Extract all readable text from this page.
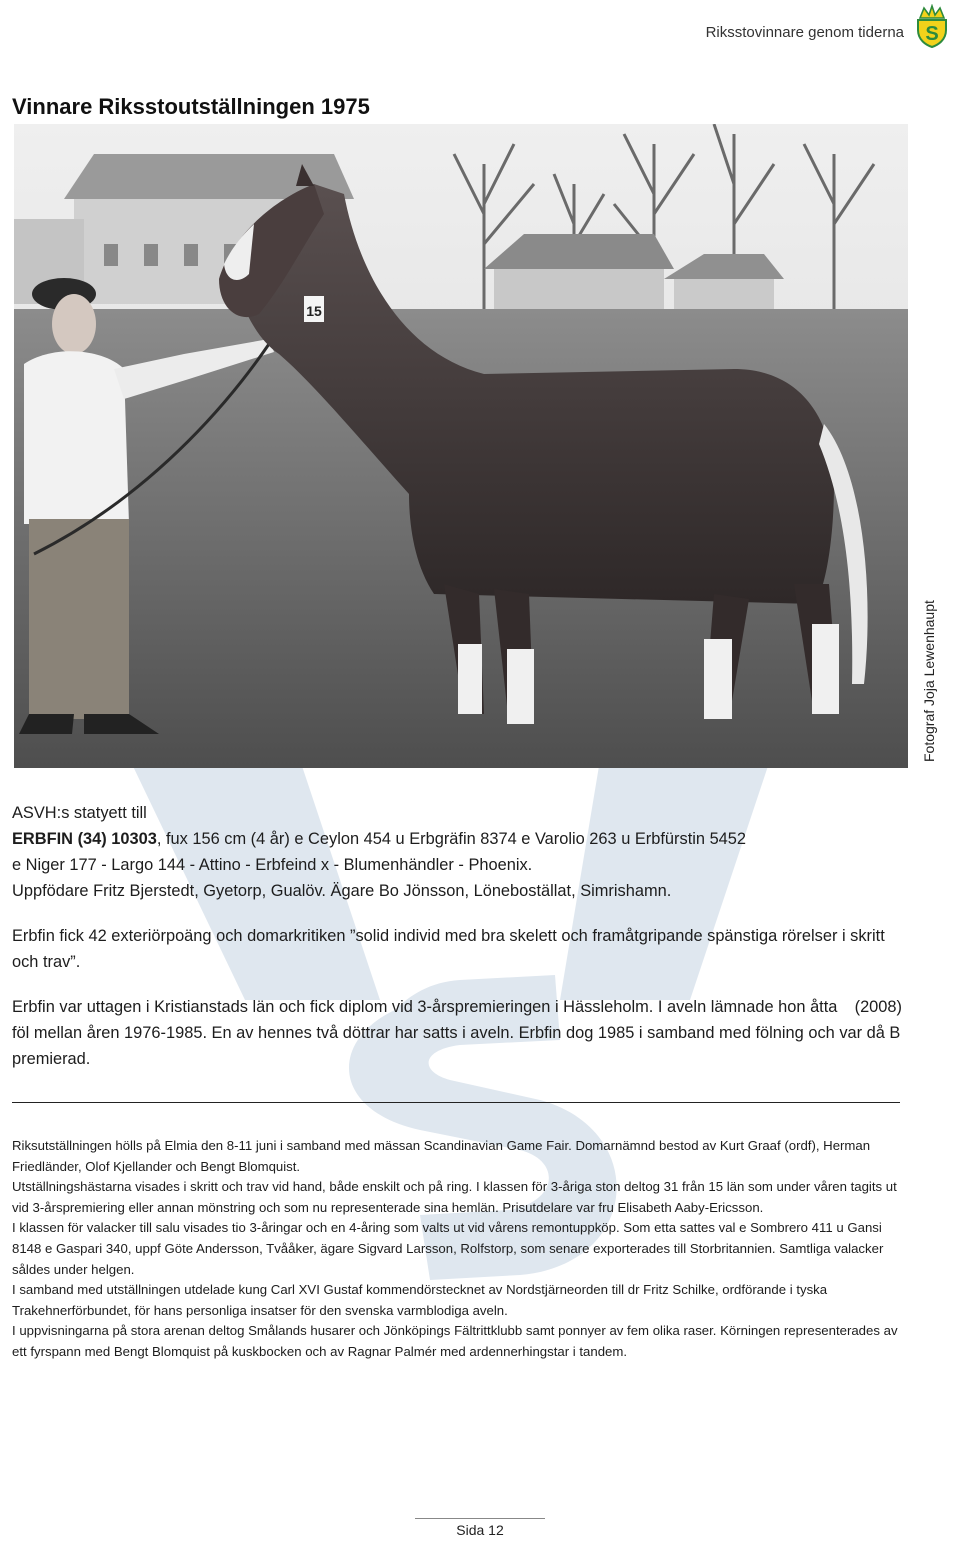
Riksstovinnare genom tiderna S
Vinnare Riksstoutställningen 1975
15
Fotograf Joja Lewenhaupt

ASVH:s statyett till

ERBFIN (34) 10303, fux 156 cm (4 år) e Ceylon 454 u Erbgräfin 8374 e Varolio 263 u Erbfürstin 5452
e Niger 177 - Largo 144 - Attino - Erbfeind x - Blumenhändler - Phoenix.

Uppfödare Fritz Bjerstedt, Gyetorp, Gualöv. Ägare Bo Jönsson, Löneboställat, Simrishamn.

Erbfin fick 42 exteriörpoäng och domarkritiken ”solid individ med bra skelett och framåtgripande spänstiga rörelser i skritt och trav”.

(2008)
Erbfin var uttagen i Kristianstads län och fick diplom vid 3-årspremieringen i Hässleholm. I aveln lämnade hon åtta föl mellan åren 1976-1985. En av hennes två döttrar har satts i aveln. Erbfin dog 1985 i samband med fölning och var då B premierad.

Riksutställningen hölls på Elmia den 8-11 juni i samband med mässan Scandinavian Game Fair. Domarnämnd bestod av Kurt Graaf (ordf), Herman Friedländer, Olof Kjellander och Bengt Blomquist.

Utställningshästarna visades i skritt och trav vid hand, både enskilt och på ring. I klassen för 3-åriga ston deltog 31 från 15 län som under våren tagits ut vid 3-årspremiering eller annan mönstring och som nu representerade sina hemlän. Prisutdelare var fru Elisabeth Aaby-Ericsson.

I klassen för valacker till salu visades tio 3-åringar och en 4-åring som valts ut vid vårens remontuppköp. Som etta sattes val e Sombrero 411 u Gansi 8148 e Gaspari 340, uppf Göte Andersson, Tvååker, ägare Sigvard Larsson, Rolfstorp, som senare exporterades till Storbritannien. Samtliga valacker såldes under helgen.

I samband med utställningen utdelade kung Carl XVI Gustaf kommendörstecknet av Nordstjärneorden till dr Fritz Schilke, ordförande i tyska Trakehnerförbundet, för hans personliga insatser för den svenska varmblodiga aveln.

I uppvisningarna på stora arenan deltog Smålands husarer och Jönköpings Fältrittklubb samt ponnyer av fem olika raser. Körningen representerades av ett fyrspann med Bengt Blomquist på kuskbocken och av Ragnar Palmér med ardennerhingstar i tandem.

Sida 12
